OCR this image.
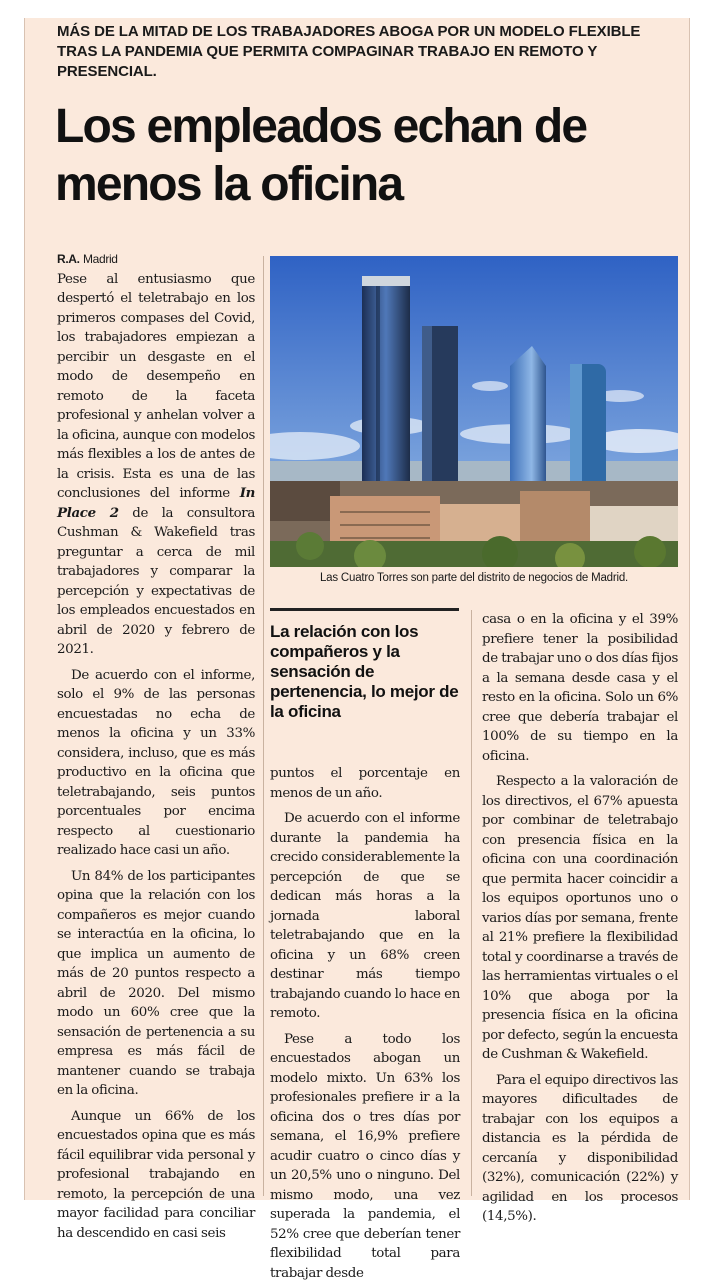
MÁS DE LA MITAD DE LOS TRABAJADORES ABOGA POR UN MODELO FLEXIBLE TRAS LA PANDEMIA QUE PERMITA COMPAGINAR TRABAJO EN REMOTO Y PRESENCIAL.
Los empleados echan de menos la oficina

R.A. Madrid

Pese al entusiasmo que despertó el teletrabajo en los primeros compases del Covid, los trabajadores empiezan a percibir un desgaste en el modo de desempeño en remoto de la faceta profesional y anhelan volver a la oficina, aunque con modelos más flexibles a los de antes de la crisis. Esta es una de las conclusiones del informe In Place 2 de la consultora Cushman & Wakefield tras preguntar a cerca de mil trabajadores y comparar la percepción y expectativas de los empleados encuestados en abril de 2020 y febrero de 2021.

De acuerdo con el informe, solo el 9% de las personas encuestadas no echa de menos la oficina y un 33% considera, incluso, que es más productivo en la oficina que teletrabajando, seis puntos porcentuales por encima respecto al cuestionario realizado hace casi un año.

Un 84% de los participantes opina que la relación con los compañeros es mejor cuando se interactúa en la oficina, lo que implica un aumento de más de 20 puntos respecto a abril de 2020. Del mismo modo un 60% cree que la sensación de pertenencia a su empresa es más fácil de mantener cuando se trabaja en la oficina.

Aunque un 66% de los encuestados opina que es más fácil equilibrar vida personal y profesional trabajando en remoto, la percepción de una mayor facilidad para conciliar ha descendido en casi seis

Las Cuatro Torres son parte del distrito de negocios de Madrid.
La relación con los compañeros y la sensación de pertenencia, lo mejor de la oficina

puntos el porcentaje en menos de un año.

De acuerdo con el informe durante la pandemia ha crecido considerablemente la percepción de que se dedican más horas a la jornada laboral teletrabajando que en la oficina y un 68% creen destinar más tiempo trabajando cuando lo hace en remoto.

Pese a todo los encuestados abogan un modelo mixto. Un 63% los profesionales prefiere ir a la oficina dos o tres días por semana, el 16,9% prefiere acudir cuatro o cinco días y un 20,5% uno o ninguno. Del mismo modo, una vez superada la pandemia, el 52% cree que deberían tener flexibilidad total para trabajar desde

casa o en la oficina y el 39% prefiere tener la posibilidad de trabajar uno o dos días fijos a la semana desde casa y el resto en la oficina. Solo un 6% cree que debería trabajar el 100% de su tiempo en la oficina.

Respecto a la valoración de los directivos, el 67% apuesta por combinar de teletrabajo con presencia física en la oficina con una coordinación que permita hacer coincidir a los equipos oportunos uno o varios días por semana, frente al 21% prefiere la flexibilidad total y coordinarse a través de las herramientas virtuales o el 10% que aboga por la presencia física en la oficina por defecto, según la encuesta de Cushman & Wakefield.

Para el equipo directivos las mayores dificultades de trabajar con los equipos a distancia es la pérdida de cercanía y disponibilidad (32%), comunicación (22%) y agilidad en los procesos (14,5%).
